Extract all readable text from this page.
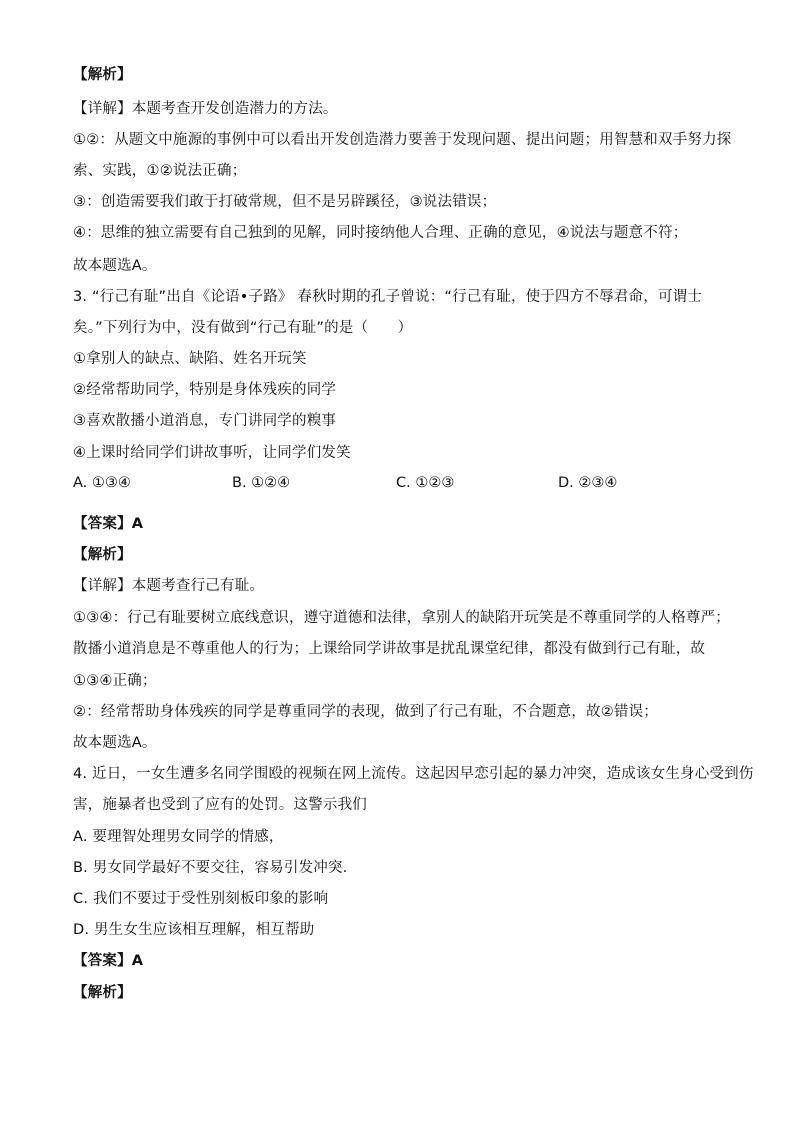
【解析】
【详解】本题考查开发创造潜力的方法。
①②：从题文中施源的事例中可以看出开发创造潜力要善于发现问题、提出问题；用智慧和双手努力探
索、实践，①②说法正确；
③：创造需要我们敢于打破常规，但不是另辟蹊径，③说法错误；
④：思维的独立需要有自己独到的见解，同时接纳他人合理、正确的意见，④说法与题意不符；
故本题选A。
3. “行己有耻”出自《论语•子路》 春秋时期的孔子曾说：“行己有耻，使于四方不辱君命，可谓士
矣。”下列行为中，没有做到“行己有耻”的是（　　）
①拿别人的缺点、缺陷、姓名开玩笑
②经常帮助同学，特别是身体残疾的同学
③喜欢散播小道消息，专门讲同学的糗事
④上课时给同学们讲故事听，让同学们发笑
A. ①③④	B. ①②④	C. ①②③	D. ②③④
【答案】A
【解析】
【详解】本题考查行己有耻。
①③④：行己有耻要树立底线意识，遵守道德和法律，拿别人的缺陷开玩笑是不尊重同学的人格尊严；
散播小道消息是不尊重他人的行为；上课给同学讲故事是扰乱课堂纪律，都没有做到行己有耻，故
①③④正确；
②：经常帮助身体残疾的同学是尊重同学的表现，做到了行己有耻，不合题意，故②错误；
故本题选A。
4. 近日，一女生遭多名同学围殴的视频在网上流传。这起因早恋引起的暴力冲突，造成该女生身心受到伤
害，施暴者也受到了应有的处罚。这警示我们
A. 要理智处理男女同学的情感，
B. 男女同学最好不要交往，容易引发冲突.
C. 我们不要过于受性别刻板印象的影响
D. 男生女生应该相互理解，相互帮助
【答案】A
【解析】
